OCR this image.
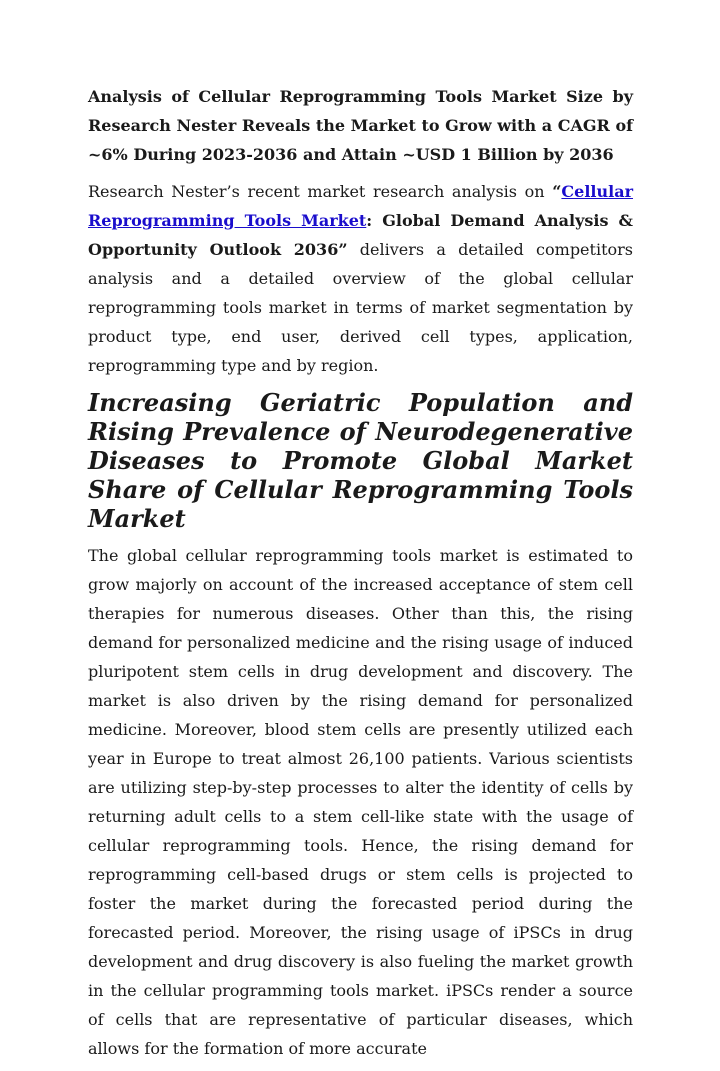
Analysis of Cellular Reprogramming Tools Market Size by Research Nester Reveals the Market to Grow with a CAGR of ~6% During 2023-2036 and Attain ~USD 1 Billion by 2036

Research Nester’s recent market research analysis on “Cellular Reprogramming Tools Market: Global Demand Analysis & Opportunity Outlook 2036” delivers a detailed competitors analysis and a detailed overview of the global cellular reprogramming tools market in terms of market segmentation by product type, end user, derived cell types, application, reprogramming type and by region.

Increasing Geriatric Population and Rising Prevalence of Neurodegenerative Diseases to Promote Global Market Share of Cellular Reprogramming Tools Market

The global cellular reprogramming tools market is estimated to grow majorly on account of the increased acceptance of stem cell therapies for numerous diseases. Other than this, the rising demand for personalized medicine and the rising usage of induced pluripotent stem cells in drug development and discovery. The market is also driven by the rising demand for personalized medicine. Moreover, blood stem cells are presently utilized each year in Europe to treat almost 26,100 patients. Various scientists are utilizing step-by-step processes to alter the identity of cells by returning adult cells to a stem cell-like state with the usage of cellular reprogramming tools. Hence, the rising demand for reprogramming cell-based drugs or stem cells is projected to foster the market during the forecasted period during the forecasted period. Moreover, the rising usage of iPSCs in drug development and drug discovery is also fueling the market growth in the cellular programming tools market. iPSCs render a source of cells that are representative of particular diseases, which allows for the formation of more accurate
